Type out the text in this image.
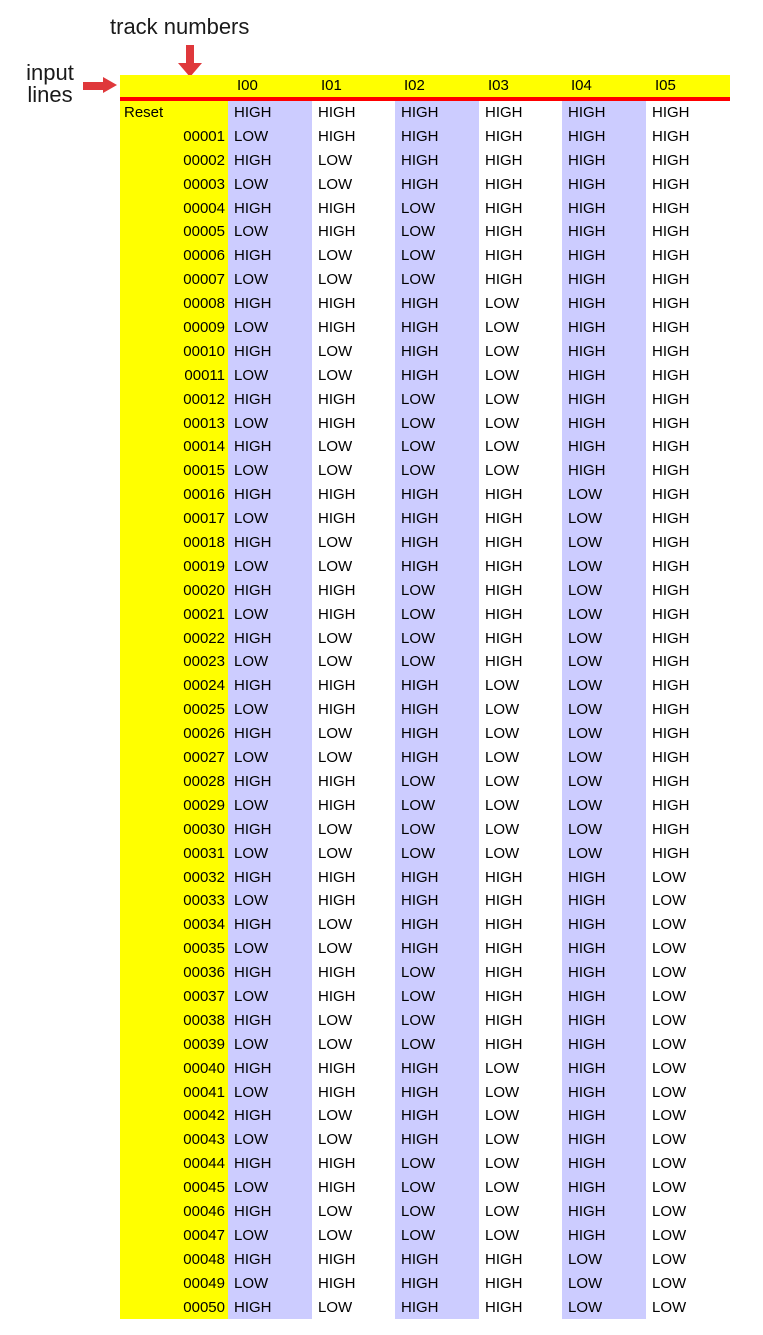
track numbers
input
lines	I00	I01	I02	I03	I04	I05
Reset	HIGH	HIGH	HIGH	HIGH	HIGH	HIGH
00001 LOW	HIGH	HIGH	HIGH	HIGH	HIGH
00002 HIGH	LOW	HIGH	HIGH	HIGH	HIGH
00003 LOW	LOW	HIGH	HIGH	HIGH	HIGH
00004 HIGH	HIGH	LOW	HIGH	HIGH	HIGH
00005 LOW	HIGH	LOW	HIGH	HIGH	HIGH
00006 HIGH	LOW	LOW	HIGH	HIGH	HIGH
00007 LOW	LOW	LOW	HIGH	HIGH	HIGH
00008 HIGH	HIGH	HIGH	LOW	HIGH	HIGH
00009 LOW	HIGH	HIGH	LOW	HIGH	HIGH
00010 HIGH	LOW	HIGH	LOW	HIGH	HIGH
00011 LOW	LOW	HIGH	LOW	HIGH	HIGH
00012 HIGH	HIGH	LOW	LOW	HIGH	HIGH
00013 LOW	HIGH	LOW	LOW	HIGH	HIGH
00014 HIGH	LOW	LOW	LOW	HIGH	HIGH
00015 LOW	LOW	LOW	LOW	HIGH	HIGH
00016 HIGH	HIGH	HIGH	HIGH	LOW	HIGH
00017 LOW	HIGH	HIGH	HIGH	LOW	HIGH
00018 HIGH	LOW	HIGH	HIGH	LOW	HIGH
00019 LOW	LOW	HIGH	HIGH	LOW	HIGH
00020 HIGH	HIGH	LOW	HIGH	LOW	HIGH
00021 LOW	HIGH	LOW	HIGH	LOW	HIGH
00022 HIGH	LOW	LOW	HIGH	LOW	HIGH
00023 LOW	LOW	LOW	HIGH	LOW	HIGH
00024 HIGH	HIGH	HIGH	LOW	LOW	HIGH
00025 LOW	HIGH	HIGH	LOW	LOW	HIGH
00026 HIGH	LOW	HIGH	LOW	LOW	HIGH
00027 LOW	LOW	HIGH	LOW	LOW	HIGH
00028 HIGH	HIGH	LOW	LOW	LOW	HIGH
00029 LOW	HIGH	LOW	LOW	LOW	HIGH
00030 HIGH	LOW	LOW	LOW	LOW	HIGH
00031 LOW	LOW	LOW	LOW	LOW	HIGH
00032 HIGH	HIGH	HIGH	HIGH	HIGH	LOW
00033 LOW	HIGH	HIGH	HIGH	HIGH	LOW
00034 HIGH	LOW	HIGH	HIGH	HIGH	LOW
00035 LOW	LOW	HIGH	HIGH	HIGH	LOW
00036 HIGH	HIGH	LOW	HIGH	HIGH	LOW
00037 LOW	HIGH	LOW	HIGH	HIGH	LOW
00038 HIGH	LOW	LOW	HIGH	HIGH	LOW
00039 LOW	LOW	LOW	HIGH	HIGH	LOW
00040 HIGH	HIGH	HIGH	LOW	HIGH	LOW
00041 LOW	HIGH	HIGH	LOW	HIGH	LOW
00042 HIGH	LOW	HIGH	LOW	HIGH	LOW
00043 LOW	LOW	HIGH	LOW	HIGH	LOW
00044 HIGH	HIGH	LOW	LOW	HIGH	LOW
00045 LOW	HIGH	LOW	LOW	HIGH	LOW
00046 HIGH	LOW	LOW	LOW	HIGH	LOW
00047 LOW	LOW	LOW	LOW	HIGH	LOW
00048 HIGH	HIGH	HIGH	HIGH	LOW	LOW
00049 LOW	HIGH	HIGH	HIGH	LOW	LOW
00050 HIGH	LOW	HIGH	HIGH	LOW	LOW
